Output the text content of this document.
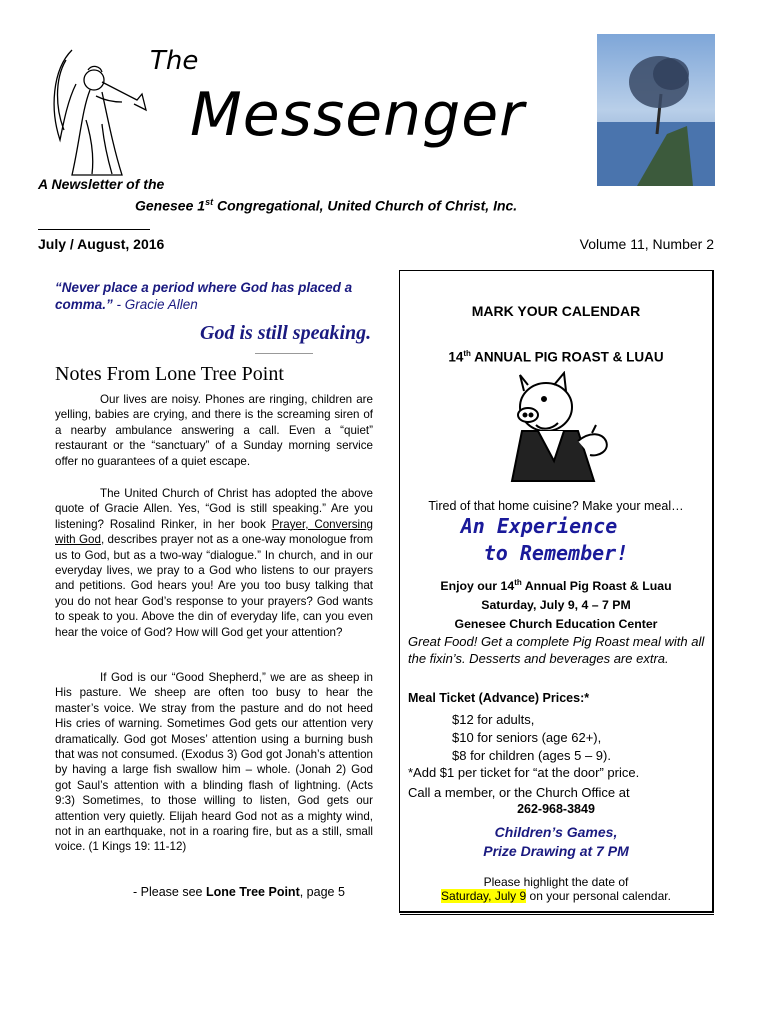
The
Messenger
A Newsletter of the
Genesee 1st Congregational, United Church of Christ, Inc.
July / August, 2016	Volume 11, Number 2
“Never place a period where God has placed a comma.” - Gracie Allen
God is still speaking.
Notes From Lone Tree Point

Our lives are noisy. Phones are ringing, children are yelling, babies are crying, and there is the screaming siren of a nearby ambulance answering a call. Even a “quiet” restaurant or the “sanctuary” of a Sunday morning service offer no guarantees of a quiet escape.

The United Church of Christ has adopted the above quote of Gracie Allen. Yes, “God is still speaking.” Are you listening? Rosalind Rinker, in her book Prayer, Conversing with God, describes prayer not as a one-way monologue from us to God, but as a two-way “dialogue.” In church, and in our everyday lives, we pray to a God who listens to our prayers and petitions. God hears you! Are you too busy talking that you do not hear God’s response to your prayers? God wants to speak to you. Above the din of everyday life, can you even hear the voice of God? How will God get your attention?

If God is our “Good Shepherd,” we are as sheep in His pasture. We sheep are often too busy to hear the master’s voice. We stray from the pasture and do not heed His cries of warning. Sometimes God gets our attention very dramatically. God got Moses’ attention using a burning bush that was not consumed. (Exodus 3) God got Jonah’s attention by having a large fish swallow him – whole. (Jonah 2) God got Saul’s attention with a blinding flash of lightning. (Acts 9:3) Sometimes, to those willing to listen, God gets our attention very quietly. Elijah heard God not as a mighty wind, not in an earthquake, not in a roaring fire, but as a still, small voice. (1 Kings 19: 11-12)

- Please see Lone Tree Point, page 5
MARK YOUR CALENDAR
14th ANNUAL PIG ROAST & LUAU
Tired of that home cuisine? Make your meal…
An Experience
to Remember!
Enjoy our 14th Annual Pig Roast & Luau
Saturday, July 9, 4 – 7 PM
Genesee Church Education Center
Great Food! Get a complete Pig Roast meal with all the fixin’s. Desserts and beverages are extra.
Meal Ticket (Advance) Prices:*
$12 for adults,
$10 for seniors (age 62+),
$8 for children (ages 5 – 9).
*Add $1 per ticket for “at the door” price.
Call a member, or the Church Office at
262-968-3849
Children’s Games,
Prize Drawing at 7 PM
Please highlight the date of
Saturday, July 9 on your personal calendar.
